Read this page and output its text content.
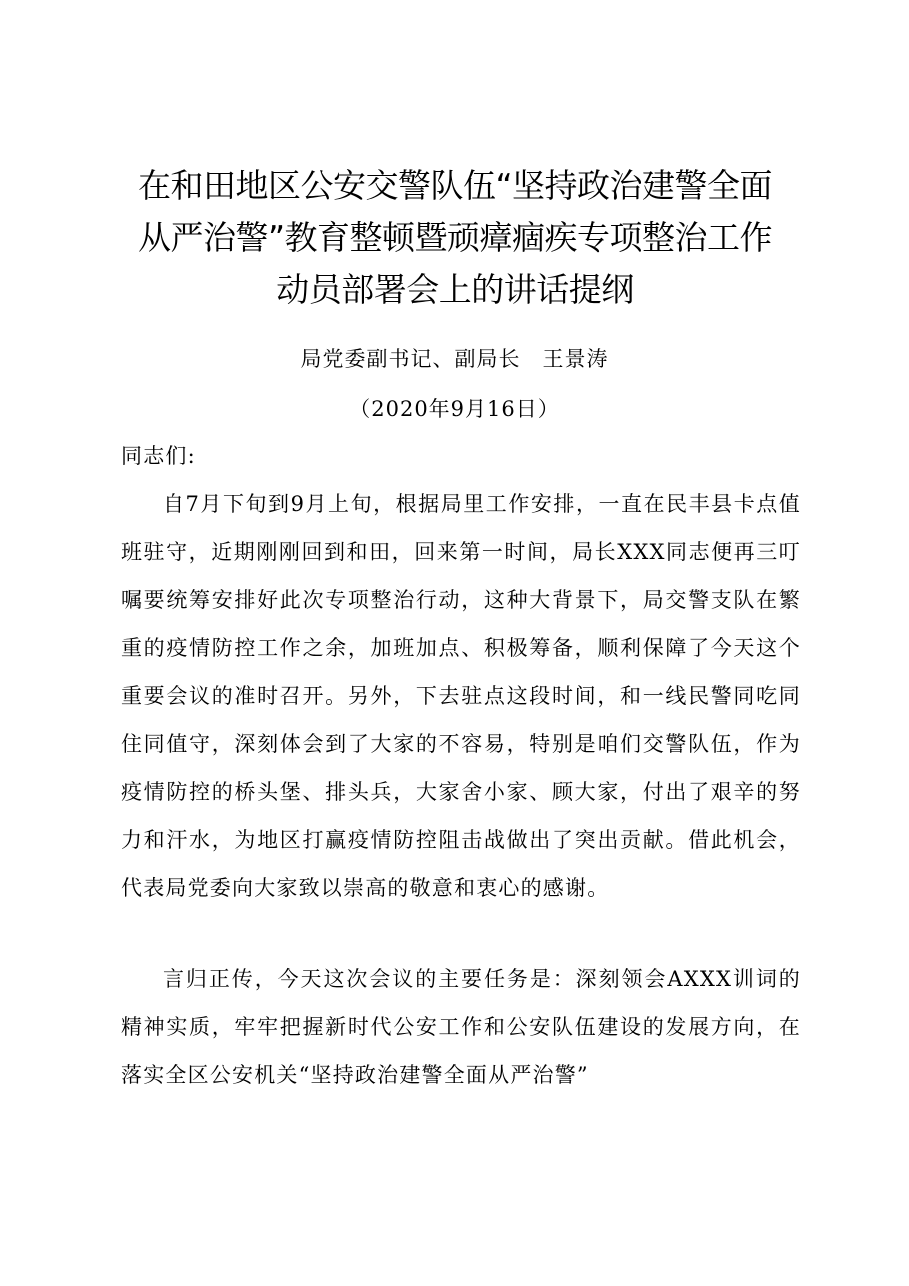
在和田地区公安交警队伍“坚持政治建警全面
从严治警”教育整顿暨顽瘴痼疾专项整治工作
动员部署会上的讲话提纲
局党委副书记、副局长　王景涛
（2020年9月16日）
同志们:

自7月下旬到9月上旬，根据局里工作安排，一直在民丰县卡点值班驻守，近期刚刚回到和田，回来第一时间，局长XXX同志便再三叮嘱要统筹安排好此次专项整治行动，这种大背景下，局交警支队在繁重的疫情防控工作之余，加班加点、积极筹备，顺利保障了今天这个重要会议的准时召开。另外，下去驻点这段时间，和一线民警同吃同住同值守，深刻体会到了大家的不容易，特别是咱们交警队伍，作为疫情防控的桥头堡、排头兵，大家舍小家、顾大家，付出了艰辛的努力和汗水，为地区打赢疫情防控阻击战做出了突出贡献。借此机会，代表局党委向大家致以崇高的敬意和衷心的感谢。

言归正传，今天这次会议的主要任务是：深刻领会AXXX训词的精神实质，牢牢把握新时代公安工作和公安队伍建设的发展方向，在落实全区公安机关“坚持政治建警全面从严治警”
